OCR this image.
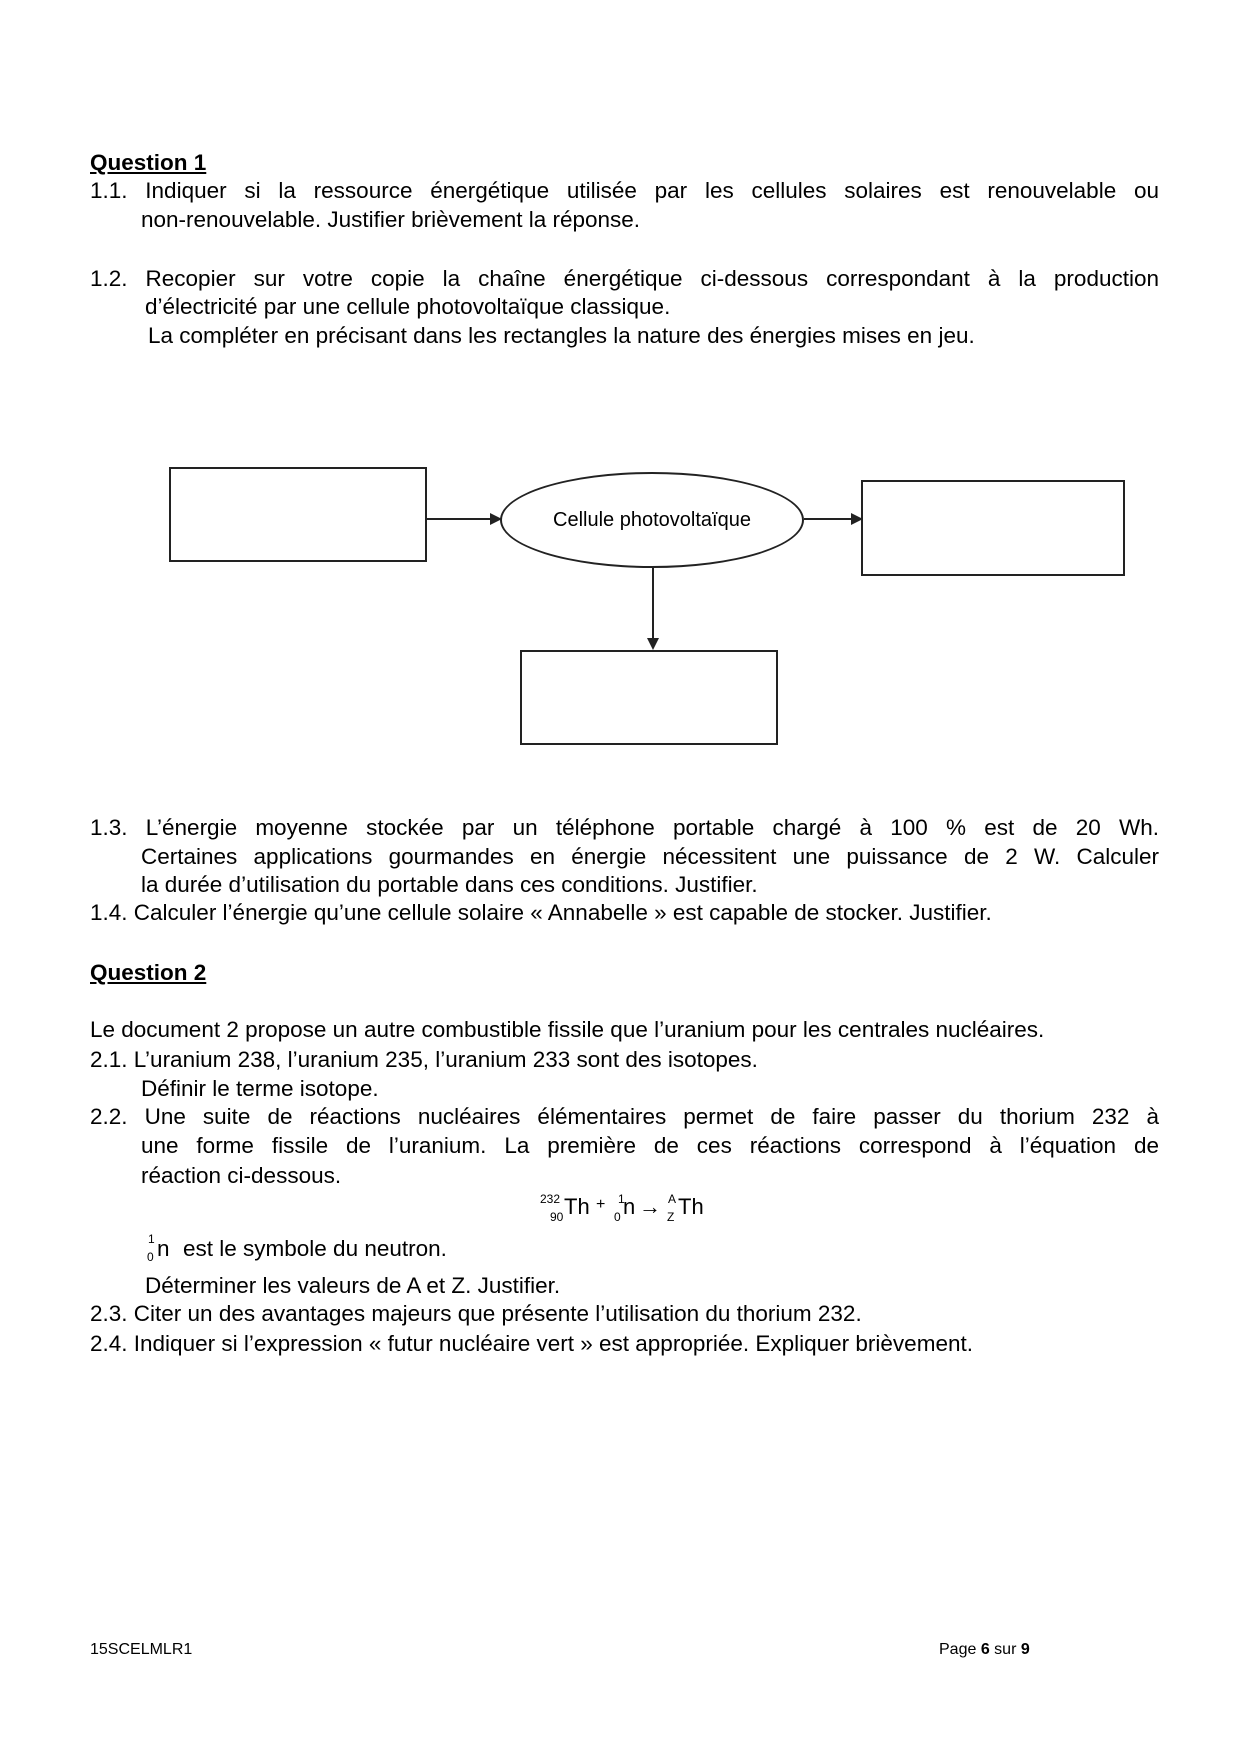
Question 1
1.1. Indiquer si la ressource énergétique utilisée par les cellules solaires est renouvelable ou
non-renouvelable. Justifier brièvement la réponse.
1.2. Recopier sur votre copie la chaîne énergétique ci-dessous correspondant à la production
d’électricité par une cellule photovoltaïque classique.
La compléter en précisant dans les rectangles la nature des énergies mises en jeu.
Cellule photovoltaïque
1.3. L’énergie moyenne stockée par un téléphone portable chargé à 100 % est de 20 Wh.
Certaines applications gourmandes en énergie nécessitent une puissance de 2 W. Calculer
la durée d’utilisation du portable dans ces conditions. Justifier.
1.4. Calculer l’énergie qu’une cellule solaire « Annabelle » est capable de stocker. Justifier.
Question 2
Le document 2 propose un autre combustible fissile que l’uranium pour les centrales nucléaires.
2.1. L’uranium 238, l’uranium 235, l’uranium 233 sont des isotopes.
Définir le terme isotope.
2.2. Une suite de réactions nucléaires élémentaires permet de faire passer du thorium 232 à
une forme fissile de l’uranium. La première de ces réactions correspond à l’équation de
réaction ci-dessous.
232
90 Th + 1
0 n → A
Z Th
1
0 n est le symbole du neutron.
Déterminer les valeurs de A et Z. Justifier.
2.3. Citer un des avantages majeurs que présente l’utilisation du thorium 232.
2.4. Indiquer si l’expression « futur nucléaire vert » est appropriée. Expliquer brièvement.
15SCELMLR1	Page 6 sur 9
